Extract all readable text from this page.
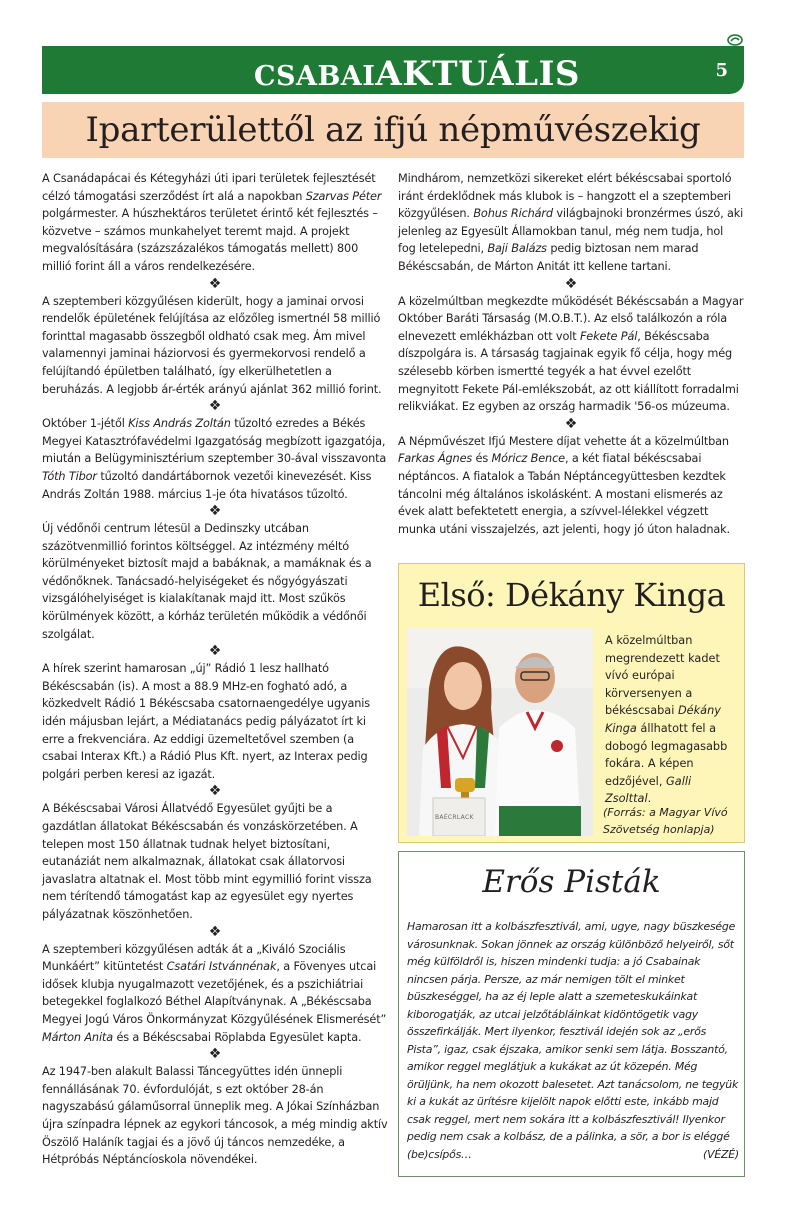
CSABAIAKTUÁLIS	5
Iparterülettől az ifjú népművészekig

A Csanádapácai és Kétegyházi úti ipari területek fejlesztését célzó támogatási szerződést írt alá a napokban Szarvas Péter polgármester. A húszhektáros területet érintő két fejlesztés – közvetve – számos munkahelyet teremt majd. A projekt megvalósítására (százszázalékos támogatás mellett) 800 millió forint áll a város rendelkezésére.

❖

A szeptemberi közgyűlésen kiderült, hogy a jaminai orvosi rendelők épületének felújítása az előzőleg ismertnél 58 millió forinttal magasabb összegből oldható csak meg. Ám mivel valamennyi jaminai háziorvosi és gyermekorvosi rendelő a felújítandó épületben található, így elkerülhetetlen a beruházás. A legjobb ár-érték arányú ajánlat 362 millió forint.

❖

Október 1-jétől Kiss András Zoltán tűzoltó ezredes a Békés Megyei Katasztrófavédelmi Igazgatóság megbízott igazgatója, miután a Belügyminisztérium szeptember 30-ával visszavonta Tóth Tibor tűzoltó dandártábornok vezetői kinevezését. Kiss András Zoltán 1988. március 1-je óta hivatásos tűzoltó.

❖

Új védőnői centrum létesül a Dedinszky utcában százötvenmillió forintos költséggel. Az intézmény méltó körülményeket biztosít majd a babáknak, a mamáknak és a védőnőknek. Tanácsadó-helyiségeket és nőgyógyászati vizsgálóhelyiséget is kialakítanak majd itt. Most szűkös körülmények között, a kórház területén működik a védőnői szolgálat.

❖

A hírek szerint hamarosan „új” Rádió 1 lesz hallható Békéscsabán (is). A most a 88.9 MHz-en fogható adó, a közkedvelt Rádió 1 Békéscsaba csatornaengedélye ugyanis idén májusban lejárt, a Médiatanács pedig pályázatot írt ki erre a frekvenciára. Az eddigi üzemeltetővel szemben (a csabai Interax Kft.) a Rádió Plus Kft. nyert, az Interax pedig polgári perben keresi az igazát.

❖

A Békéscsabai Városi Állatvédő Egyesület gyűjti be a gazdátlan állatokat Békéscsabán és vonzáskörzetében. A telepen most 150 állatnak tudnak helyet biztosítani, eutanáziát nem alkalmaznak, állatokat csak állatorvosi javaslatra altatnak el. Most több mint egymillió forint vissza nem térítendő támogatást kap az egyesület egy nyertes pályázatnak köszönhetően.

❖

A szeptemberi közgyűlésen adták át a „Kiváló Szociális Munkáért” kitüntetést Csatári Istvánnénak, a Fövenyes utcai idősek klubja nyugalmazott vezetőjének, és a pszichiátriai betegekkel foglalkozó Béthel Alapítványnak. A „Békéscsaba Megyei Jogú Város Önkormányzat Közgyűlésének Elismerését” Márton Anita és a Békéscsabai Röplabda Egyesület kapta.

❖

Az 1947-ben alakult Balassi Táncegyüttes idén ünnepli fennállásának 70. évfordulóját, s ezt október 28-án nagyszabású gálaműsorral ünneplik meg. A Jókai Színházban újra színpadra lépnek az egykori táncosok, a még mindig aktív Öszölő Haláník tagjai és a jövő új táncos nemzedéke, a Hétpróbás Néptáncíoskola növendékei.

Mindhárom, nemzetközi sikereket elért békéscsabai sportoló iránt érdeklődnek más klubok is – hangzott el a szeptemberi közgyűlésen. Bohus Richárd világbajnoki bronzérmes úszó, aki jelenleg az Egyesült Államokban tanul, még nem tudja, hol fog letelepedni, Baji Balázs pedig biztosan nem marad Békéscsabán, de Márton Anitát itt kellene tartani.

❖

A közelmúltban megkezdte működését Békéscsabán a Magyar Október Baráti Társaság (M.O.B.T.). Az első találkozón a róla elnevezett emlékházban ott volt Fekete Pál, Békéscsaba díszpolgára is. A társaság tagjainak egyik fő célja, hogy még szélesebb körben ismertté tegyék a hat évvel ezelőtt megnyitott Fekete Pál-emlékszobát, az ott kiállított forradalmi relikviákat. Ez egyben az ország harmadik '56-os múzeuma.

❖

A Népművészet Ifjú Mestere díjat vehette át a közelmúltban Farkas Ágnes és Móricz Bence, a két fiatal békéscsabai néptáncos. A fiatalok a Tabán Néptáncegyüttesben kezdtek táncolni még általános iskolásként. A mostani elismerés az évek alatt befektetett energia, a szívvel-lélekkel végzett munka utáni visszajelzés, azt jelenti, hogy jó úton haladnak.

Első: Dékány Kinga
BAÉCRLACK
A közelmúltban megrendezett kadet vívó európai körversenyen a békéscsabai Dékány Kinga állhatott fel a dobogó legmagasabb fokára. A képen edzőjével, Galli Zsolttal.
(Forrás: a Magyar Vívó Szövetség honlapja)
Erős Pisták
Hamarosan itt a kolbászfesztivál, ami, ugye, nagy büszkesége városunknak. Sokan jönnek az ország különböző helyeiről, sőt még külföldről is, hiszen mindenki tudja: a jó Csabainak nincsen párja. Persze, az már nemigen tölt el minket büszkeséggel, ha az éj leple alatt a szemeteskukáinkat kiborogatják, az utcai jelzőtábláinkat kidöntögetik vagy összefirkálják. Mert ilyenkor, fesztivál idején sok az „erős Pista”, igaz, csak éjszaka, amikor senki sem látja. Bosszantó, amikor reggel meglátjuk a kukákat az út közepén. Még örüljünk, ha nem okozott balesetet. Azt tanácsolom, ne tegyük ki a kukát az ürítésre kijelölt napok előtti este, inkább majd csak reggel, mert nem sokára itt a kolbászfesztivál! Ilyenkor pedig nem csak a kolbász, de a pálinka, a sör, a bor is eléggé (be)csípős…	(VÉZÉ)
